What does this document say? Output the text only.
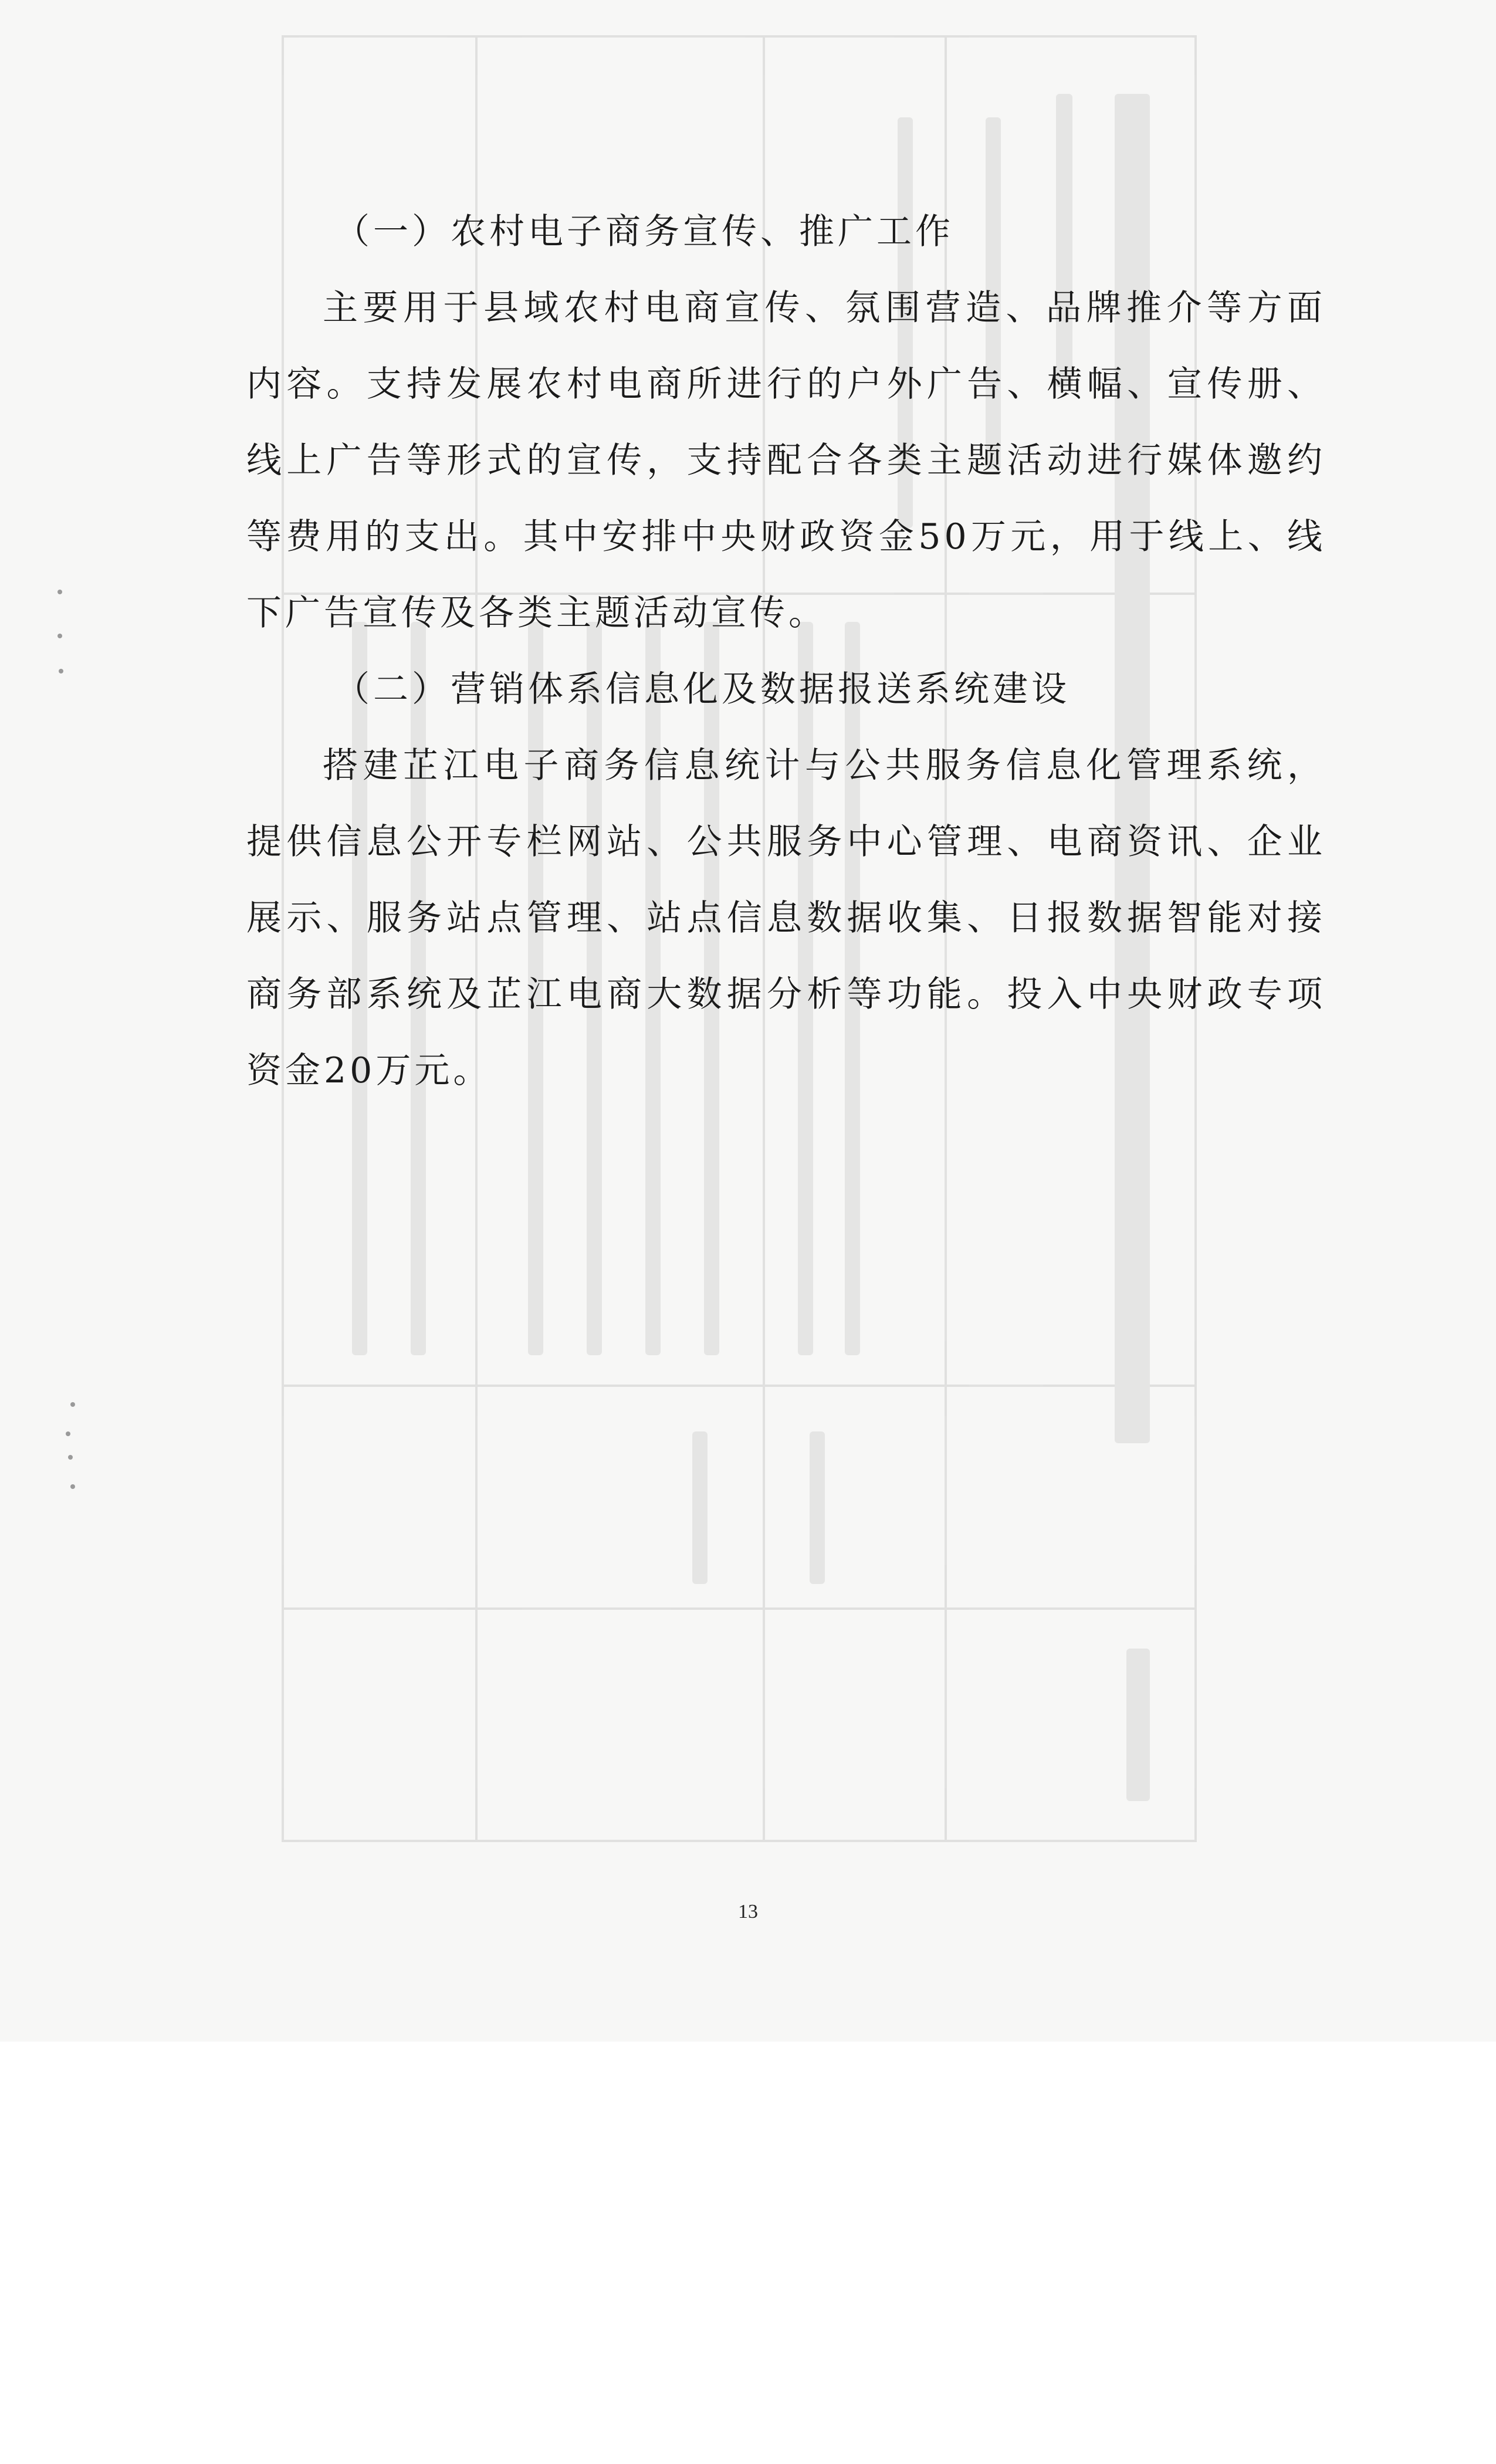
（一）农村电子商务宣传、推广工作

主要用于县域农村电商宣传、氛围营造、品牌推介等方面内容。支持发展农村电商所进行的户外广告、横幅、宣传册、线上广告等形式的宣传，支持配合各类主题活动进行媒体邀约等费用的支出。其中安排中央财政资金50万元，用于线上、线下广告宣传及各类主题活动宣传。

（二）营销体系信息化及数据报送系统建设

搭建芷江电子商务信息统计与公共服务信息化管理系统，提供信息公开专栏网站、公共服务中心管理、电商资讯、企业展示、服务站点管理、站点信息数据收集、日报数据智能对接商务部系统及芷江电商大数据分析等功能。投入中央财政专项资金20万元。

13
